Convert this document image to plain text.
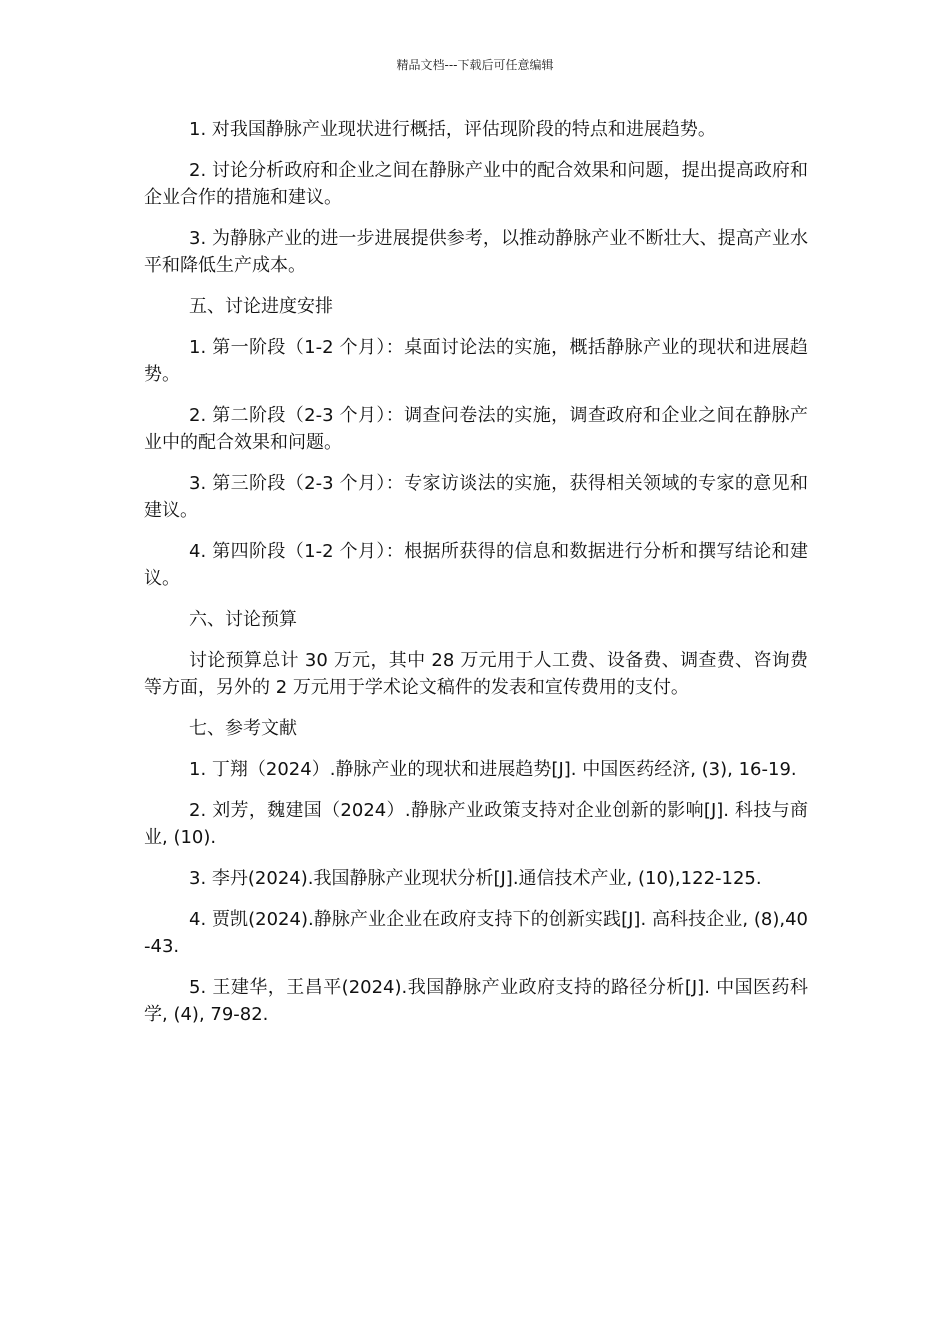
精品文档---下载后可任意编辑

1. 对我国静脉产业现状进行概括，评估现阶段的特点和进展趋势。

2. 讨论分析政府和企业之间在静脉产业中的配合效果和问题，提出提高政府和企业合作的措施和建议。

3. 为静脉产业的进一步进展提供参考，以推动静脉产业不断壮大、提高产业水平和降低生产成本。

五、讨论进度安排

1. 第一阶段（1-2 个月）：桌面讨论法的实施，概括静脉产业的现状和进展趋势。

2. 第二阶段（2-3 个月）：调查问卷法的实施，调查政府和企业之间在静脉产业中的配合效果和问题。

3. 第三阶段（2-3 个月）：专家访谈法的实施，获得相关领域的专家的意见和建议。

4. 第四阶段（1-2 个月）：根据所获得的信息和数据进行分析和撰写结论和建议。

六、讨论预算

讨论预算总计 30 万元，其中 28 万元用于人工费、设备费、调查费、咨询费等方面，另外的 2 万元用于学术论文稿件的发表和宣传费用的支付。

七、参考文献

1. 丁翔（2024）.静脉产业的现状和进展趋势[J]. 中国医药经济, (3), 16-19.

2. 刘芳，魏建国（2024）.静脉产业政策支持对企业创新的影响[J]. 科技与商业, (10).

3. 李丹(2024).我国静脉产业现状分析[J].通信技术产业, (10),122-125.

4. 贾凯(2024).静脉产业企业在政府支持下的创新实践[J]. 高科技企业, (8),40-43.

5. 王建华，王昌平(2024).我国静脉产业政府支持的路径分析[J]. 中国医药科学, (4), 79-82.
